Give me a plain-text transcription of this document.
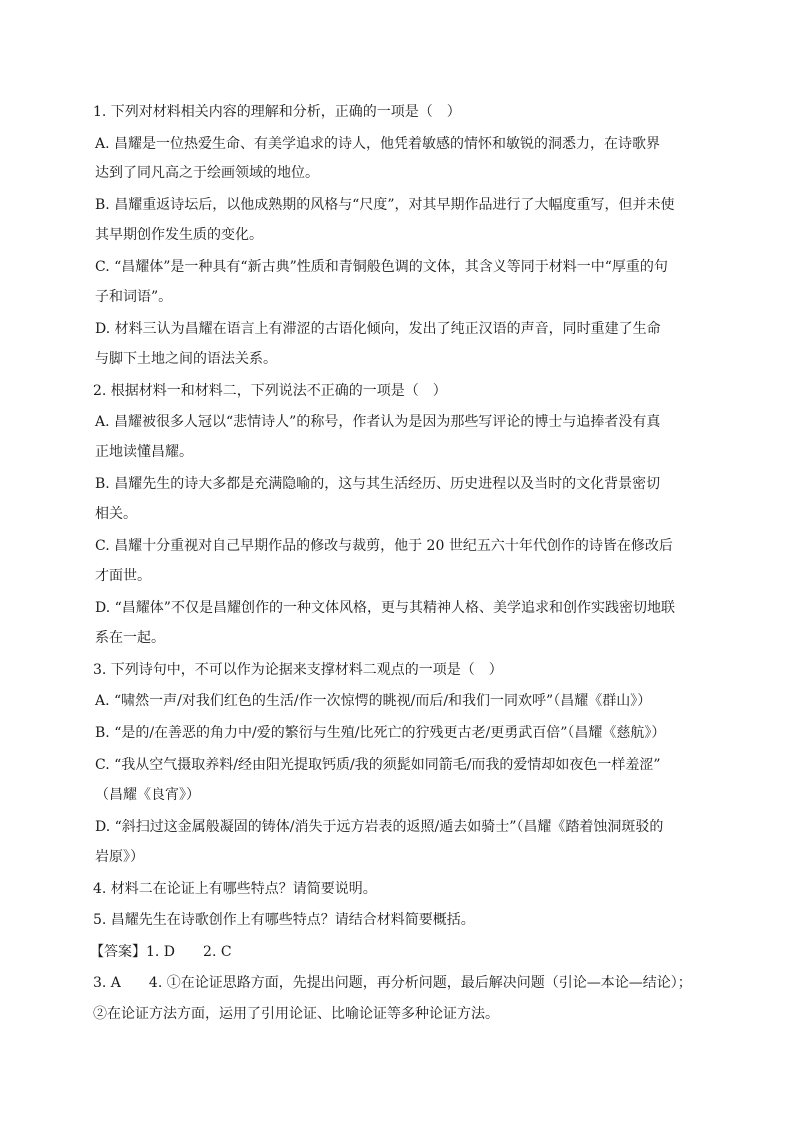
1. 下列对材料相关内容的理解和分析，正确的一项是（　）
A. 昌耀是一位热爱生命、有美学追求的诗人，他凭着敏感的情怀和敏锐的洞悉力，在诗歌界
达到了同凡高之于绘画领域的地位。
B. 昌耀重返诗坛后，以他成熟期的风格与“尺度”，对其早期作品进行了大幅度重写，但并未使
其早期创作发生质的变化。
C. “昌耀体”是一种具有“新古典”性质和青铜般色调的文体，其含义等同于材料一中“厚重的句
子和词语”。
D. 材料三认为昌耀在语言上有滞涩的古语化倾向，发出了纯正汉语的声音，同时重建了生命
与脚下土地之间的语法关系。
2. 根据材料一和材料二，下列说法不正确的一项是（　）
A. 昌耀被很多人冠以“悲情诗人”的称号，作者认为是因为那些写评论的博士与追捧者没有真
正地读懂昌耀。
B. 昌耀先生的诗大多都是充满隐喻的，这与其生活经历、历史进程以及当时的文化背景密切
相关。
C. 昌耀十分重视对自己早期作品的修改与裁剪，他于 20 世纪五六十年代创作的诗皆在修改后
才面世。
D. “昌耀体”不仅是昌耀创作的一种文体风格，更与其精神人格、美学追求和创作实践密切地联
系在一起。
3. 下列诗句中，不可以作为论据来支撑材料二观点的一项是（　）
A. “啸然一声/对我们红色的生活/作一次惊愕的眺视/而后/和我们一同欢呼”（昌耀《群山》）
B. “是的/在善恶的角力中/爱的繁衍与生殖/比死亡的狞残更古老/更勇武百倍”（昌耀《慈航》）
C. “我从空气摄取养料/经由阳光提取钙质/我的须髭如同箭毛/而我的爱情却如夜色一样羞涩”
（昌耀《良宵》）
D. “斜扫过这金属般凝固的铸体/消失于远方岩表的返照/遁去如骑士”（昌耀《踏着蚀洞斑驳的
岩原》）
4. 材料二在论证上有哪些特点？请简要说明。
5. 昌耀先生在诗歌创作上有哪些特点？请结合材料简要概括。
【答案】1. D　　2. C
3. A　　4. ①在论证思路方面，先提出问题，再分析问题，最后解决问题（引论—本论—结论）；
②在论证方法方面，运用了引用论证、比喻论证等多种论证方法。
